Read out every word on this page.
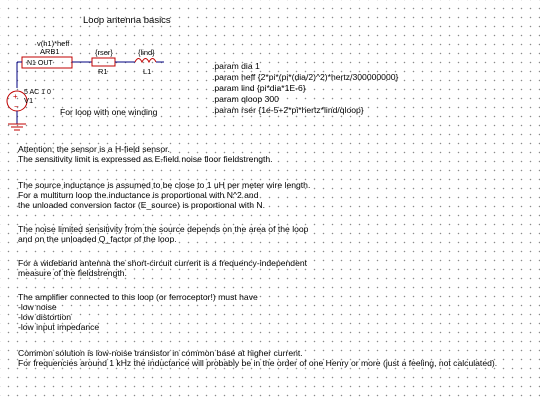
Loop antenna basics
v(h1)*heff
ARB1
N1 OUT
{rser}
R1
{lind}
L1
+
−
5 AC 1 0
V1
For loop with one winding
.param dia 1
.param heff {2*pi*(pi*(dia/2)^2)*hertz/300000000}
.param lind {pi*dia*1E-6}
.param qloop 300
.param rser {1e-5+2*pi*hertz*lind/qloop}
Attention: the sensor is a H-field sensor.
The sensitivity limit is expressed as E-field noise floor fieldstrength.
The source inductance is assumed to be close to 1 uH per meter wire length.
For a multiturn loop the inductance is proportional with N^2 and
the unloaded conversion factor (E_source) is proportional with N.
The noise limited sensitivity from the source depends on the area of the loop
and on the unloaded Q_factor of the loop.
For a wideband antenna the short-circuit current is a frequency-independent
measure of the fieldstrength.
The amplifier connected to this loop (or ferroceptor!) must have
-low noise
-low distortion
-low input impedance
Common solution is low-noise transistor in common base at higher current.
For frequencies around 1 kHz the inductance will probably be in the order of one Henry or more (just a feeling, not calculated).
